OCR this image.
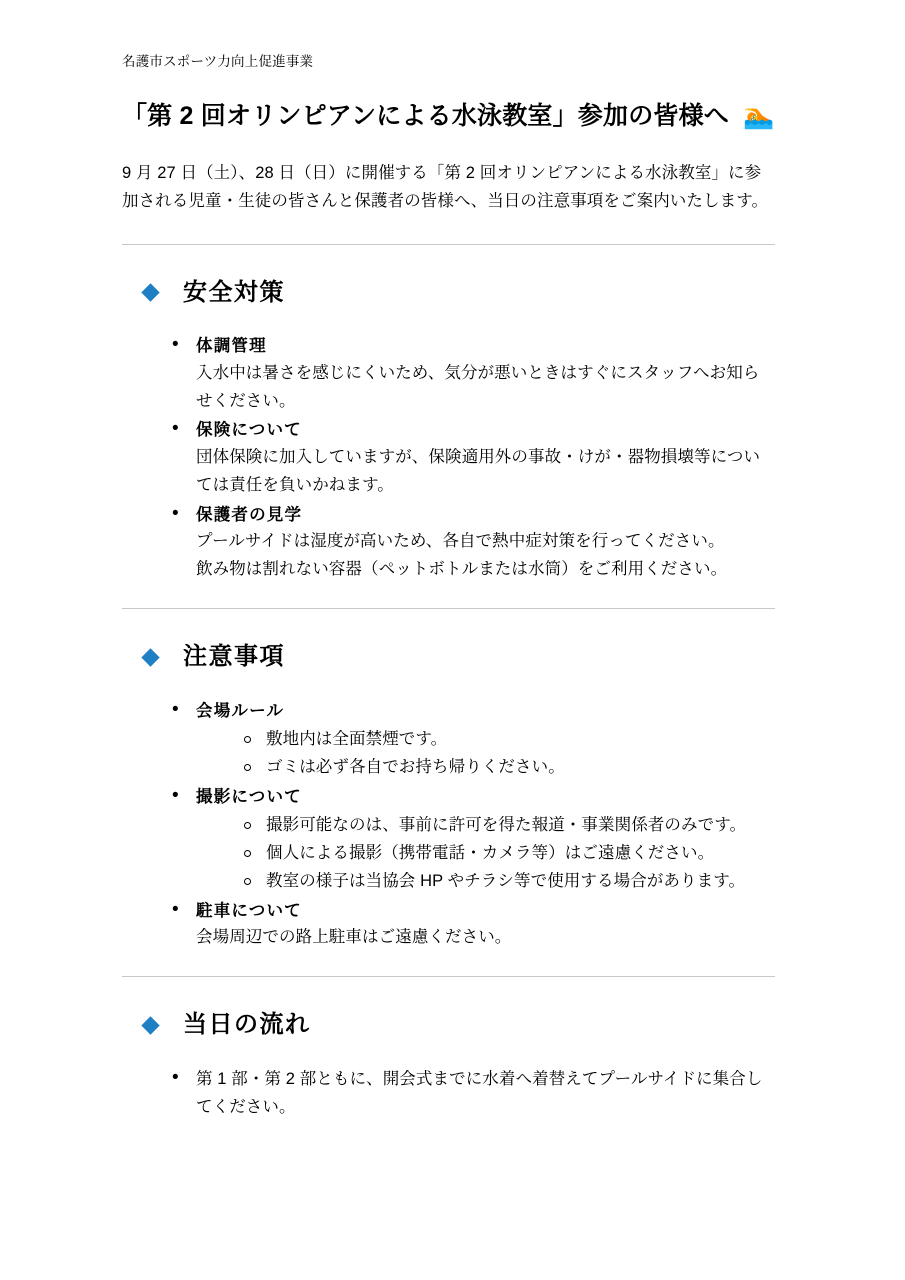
名護市スポーツ力向上促進事業

「第 2 回オリンピアンによる水泳教室」参加の皆様へ 🏊

9 月 27 日（土）、28 日（日）に開催する「第 2 回オリンピアンによる水泳教室」に参加される児童・生徒の皆さんと保護者の皆様へ、当日の注意事項をご案内いたします。

安全対策
• 体調管理
入水中は暑さを感じにくいため、気分が悪いときはすぐにスタッフへお知らせください。
• 保険について
団体保険に加入していますが、保険適用外の事故・けが・器物損壊等については責任を負いかねます。
• 保護者の見学
プールサイドは湿度が高いため、各自で熱中症対策を行ってください。
飲み物は割れない容器（ペットボトルまたは水筒）をご利用ください。
注意事項
• 会場ルール
敷地内は全面禁煙です。
ゴミは必ず各自でお持ち帰りください。
• 撮影について
撮影可能なのは、事前に許可を得た報道・事業関係者のみです。
個人による撮影（携帯電話・カメラ等）はご遠慮ください。
教室の様子は当協会 HP やチラシ等で使用する場合があります。
• 駐車について
会場周辺での路上駐車はご遠慮ください。
当日の流れ
• 第 1 部・第 2 部ともに、開会式までに水着へ着替えてプールサイドに集合してください。
